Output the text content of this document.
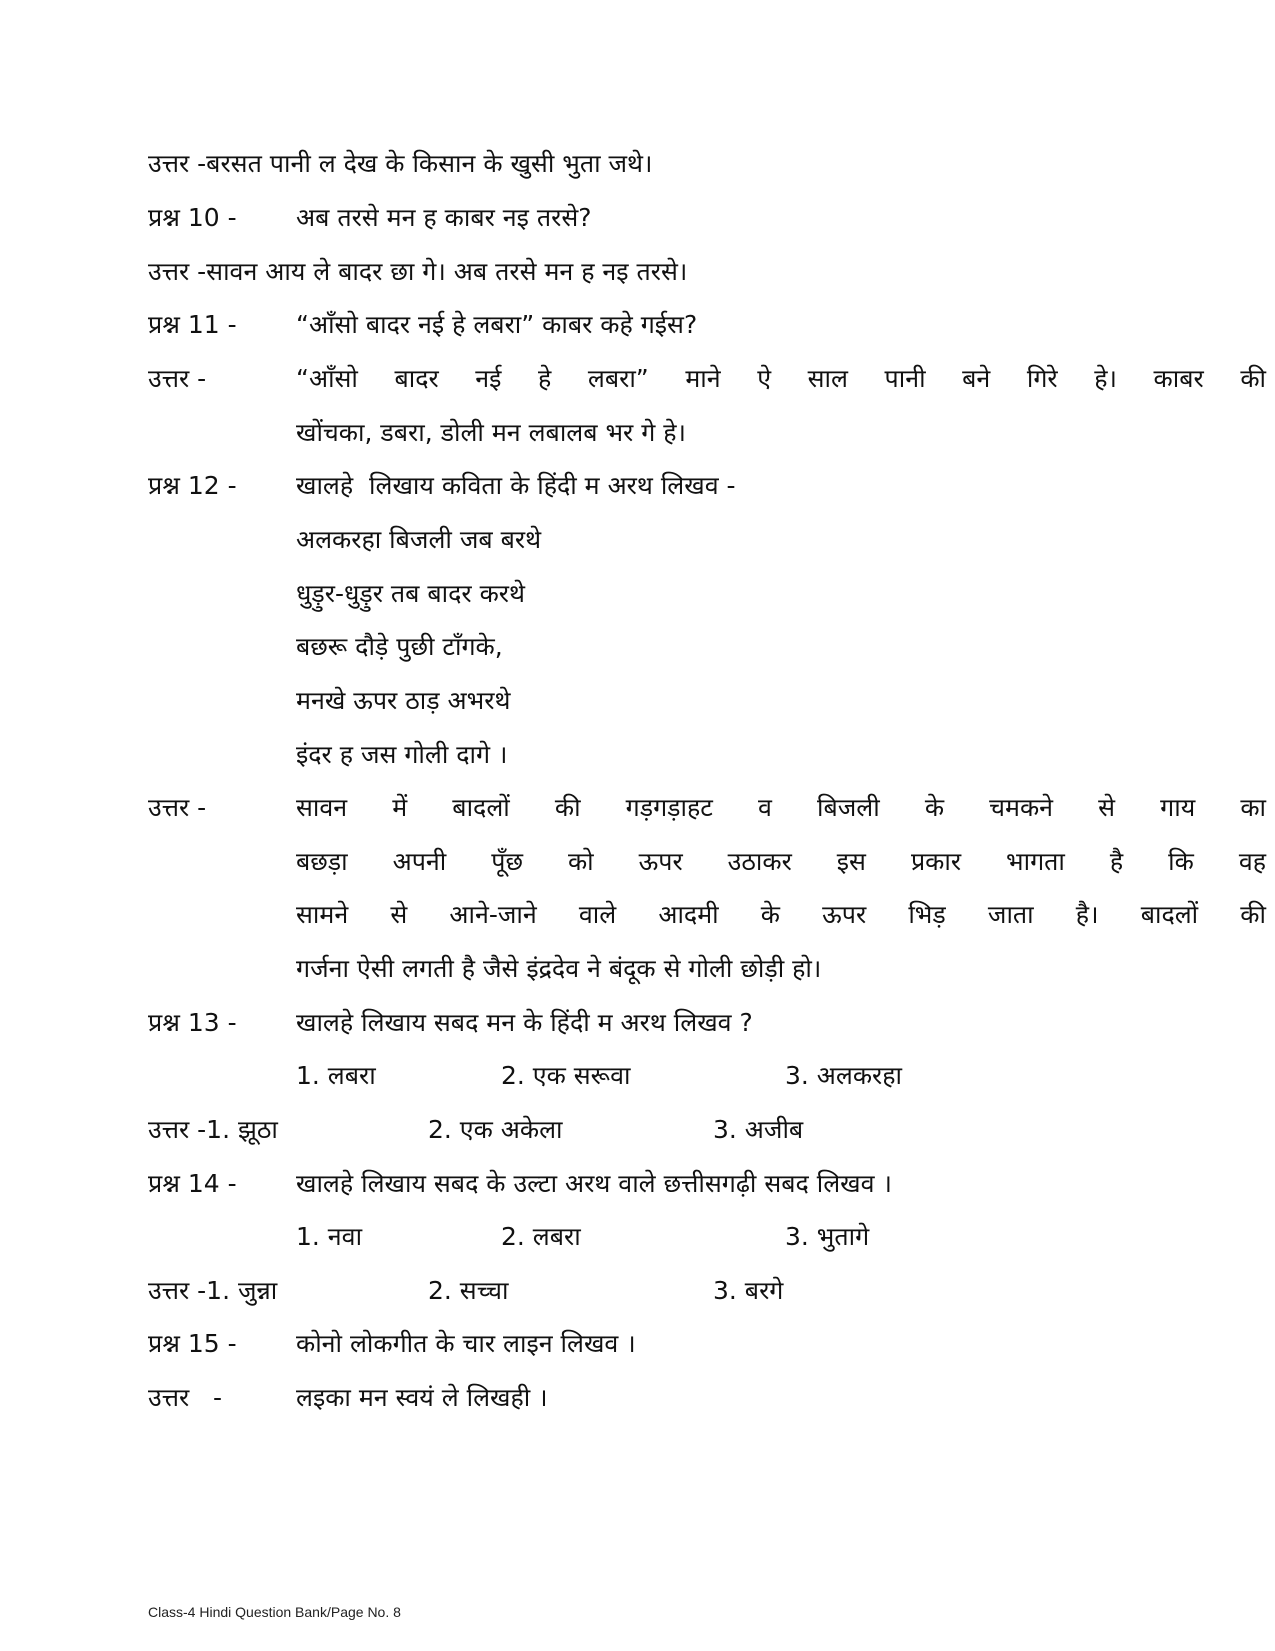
उत्तर -बरसत पानी ल देख के किसान के खुसी भुता जथे।
प्रश्न 10 - अब तरसे मन ह काबर नइ तरसे?
उत्तर -सावन आय ले बादर छा गे। अब तरसे मन ह नइ तरसे।
प्रश्न 11 - “आँसो बादर नई हे लबरा” काबर कहे गईस?
उत्तर -	“आँसो बादर नई हे लबरा” माने ऐ साल पानी बने गिरे हे। काबर की
खोंचका, डबरा, डोली मन लबालब भर गे हे।
प्रश्न 12 - खालहे  लिखाय कविता के हिंदी म अरथ लिखव -
अलकरहा बिजली जब बरथे
धुड़ुर-धुड़ुर तब बादर करथे
बछरू दौड़े पुछी टाँगके,
मनखे ऊपर ठाड़ अभरथे
इंदर ह जस गोली दागे ।
उत्तर -	सावन में बादलों की गड़गड़ाहट व बिजली के चमकने से गाय का
बछड़ा अपनी पूँछ को ऊपर उठाकर इस प्रकार भागता है कि वह
सामने से आने-जाने वाले आदमी के ऊपर भिड़ जाता है। बादलों की
गर्जना ऐसी लगती है जैसे इंद्रदेव ने बंदूक से गोली छोड़ी हो।
प्रश्न 13 - खालहे लिखाय सबद मन के हिंदी म अरथ लिखव ?
1. लबरा	2. एक सरूवा	3. अलकरहा
उत्तर -1. झूठा	2. एक अकेला	3. अजीब
प्रश्न 14 - खालहे लिखाय सबद के उल्टा अरथ वाले छत्तीसगढ़ी सबद लिखव ।
1. नवा	2. लबरा	3. भुतागे
उत्तर -1. जुन्ना	2. सच्चा	3. बरगे
प्रश्न 15 - कोनो लोकगीत के चार लाइन लिखव ।
उत्तर   -	लइका मन स्वयं ले लिखही ।
Class-4 Hindi Question Bank/Page No. 8
